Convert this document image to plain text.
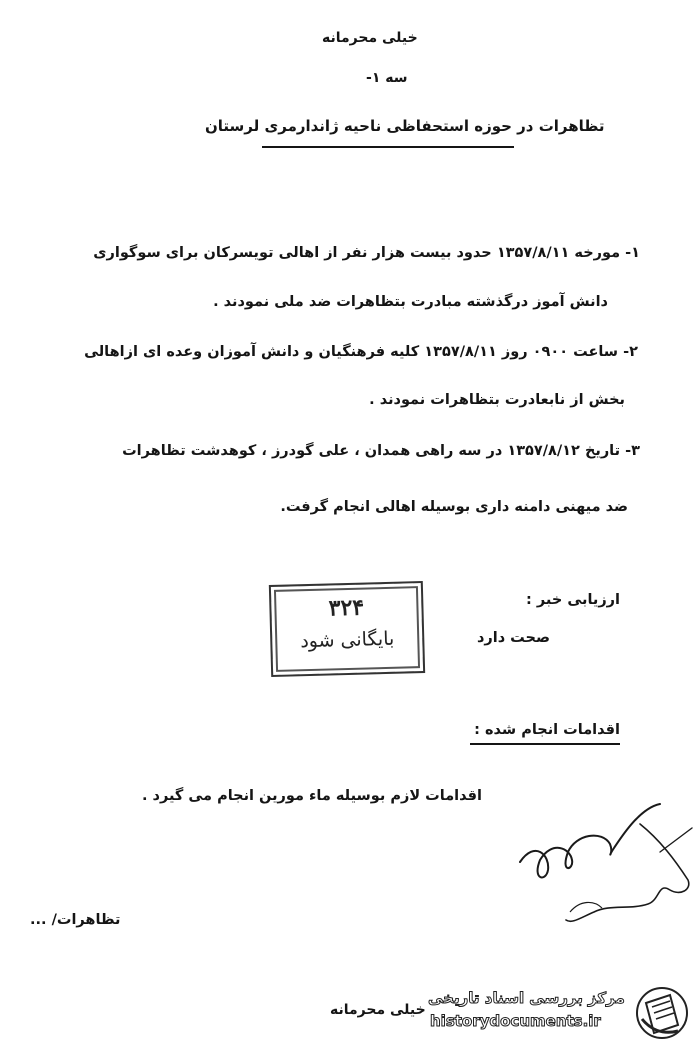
خیلی محرمانه
سه ۱-
تظاهرات در حوزه استحفاظی ناحیه ژاندارمری لرستان
۱- مورخه ۱۳۵۷/۸/۱۱ حدود بیست هزار نفر از اهالی تویسرکان برای سوگواری
دانش آموز درگذشته مبادرت بتظاهرات ضد ملی نمودند .
۲- ساعت ۰۹۰۰ روز ۱۳۵۷/۸/۱۱ کلیه فرهنگیان و دانش آموزان وعده ای ازاهالی
بخش از نابعادرت بتظاهرات نمودند .
۳- تاریخ ۱۳۵۷/۸/۱۲ در سه راهی همدان ، علی گودرز ، کوهدشت تظاهرات
ضد میهنی دامنه داری بوسیله اهالی انجام گرفت.
ارزیابی خبر :
صحت دارد
۳۲۴
بایگانی شود
اقدامات انجام شده :
اقدامات لازم بوسیله ماء مورین انجام می گیرد .
تظاهرات/ ...
خیلی محرمانه
مرکز بررسی اسناد تاریخی
historydocuments.ir
